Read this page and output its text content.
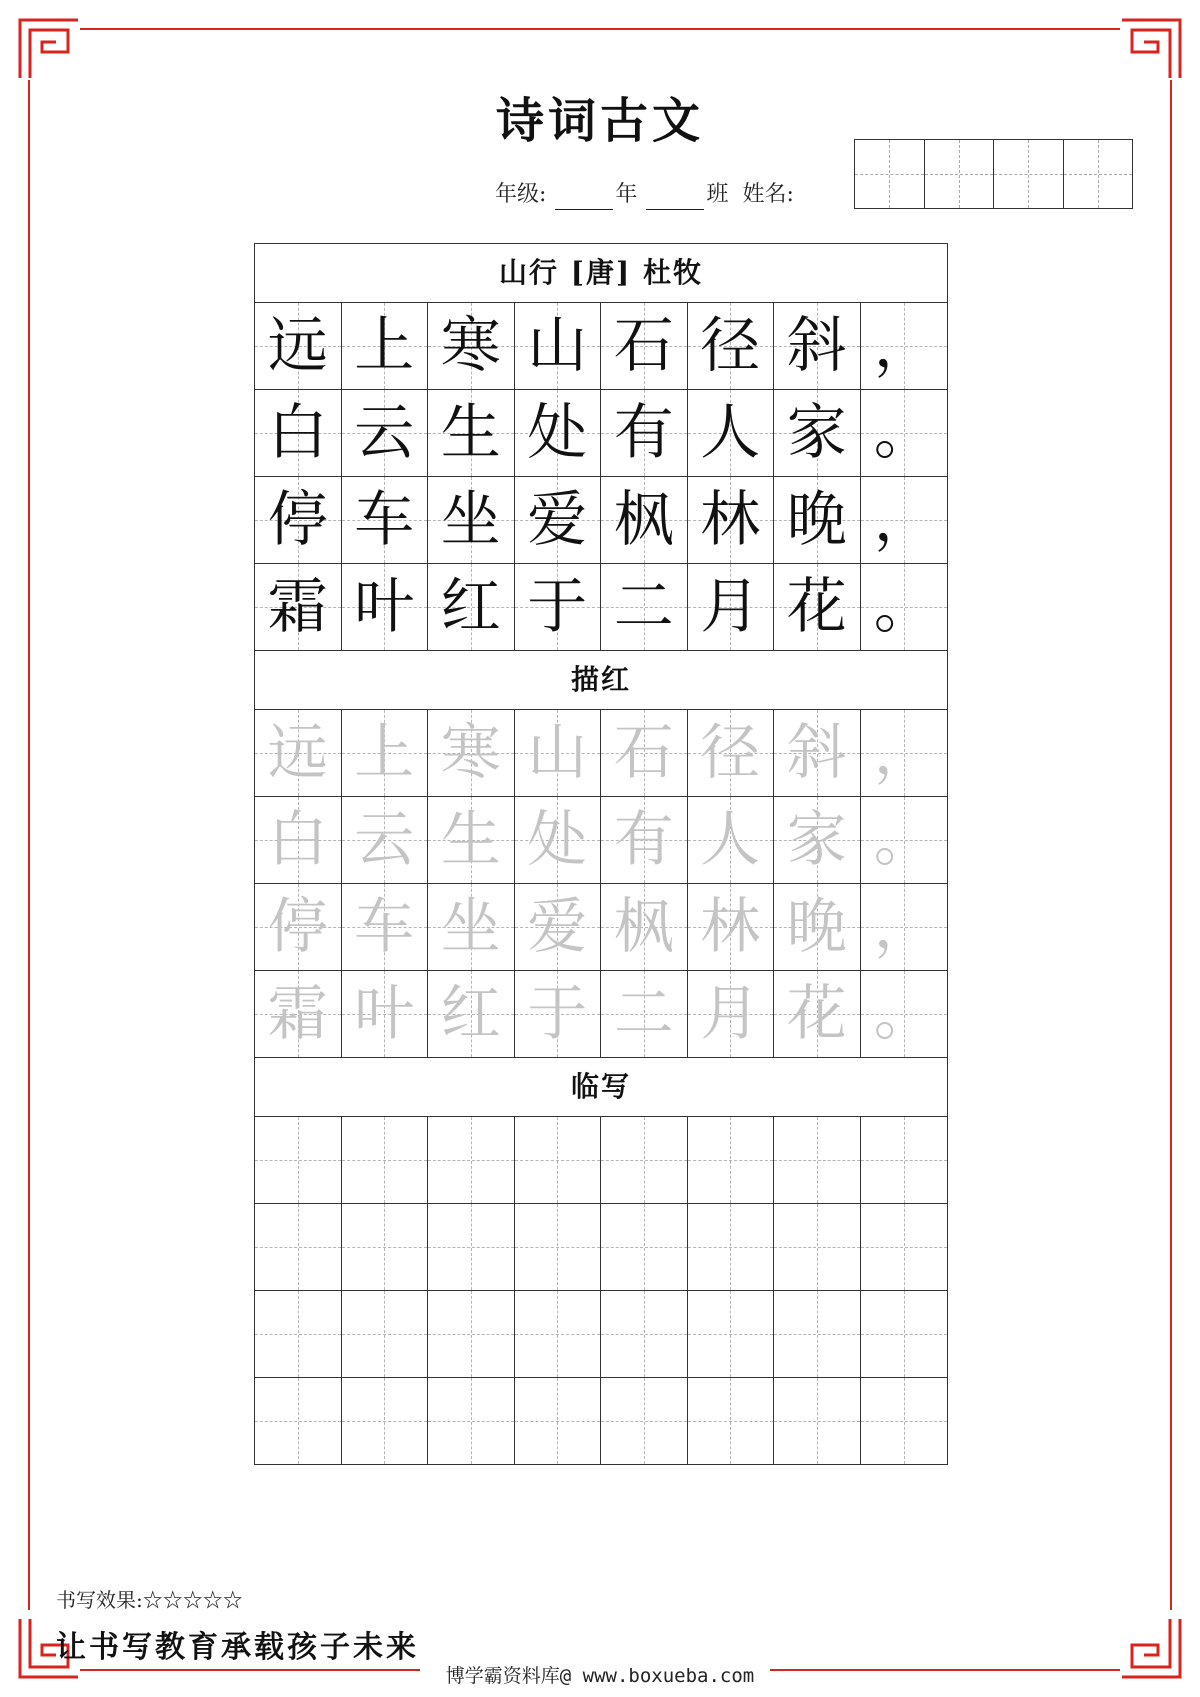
诗词古文
年级:	年	班 姓名:
山行 [唐] 杜牧
远 上 寒 山 石 径 斜 ，
白 云 生 处 有 人 家 。
停 车 坐 爱 枫 林 晚 ，
霜 叶 红 于 二 月 花 。
描红
远 上 寒 山 石 径 斜 ，
白 云 生 处 有 人 家 。
停 车 坐 爱 枫 林 晚 ，
霜 叶 红 于 二 月 花 。
临写
书写效果:☆☆☆☆☆
让书写教育承载孩子未来
博学霸资料库@ www.boxueba.com
